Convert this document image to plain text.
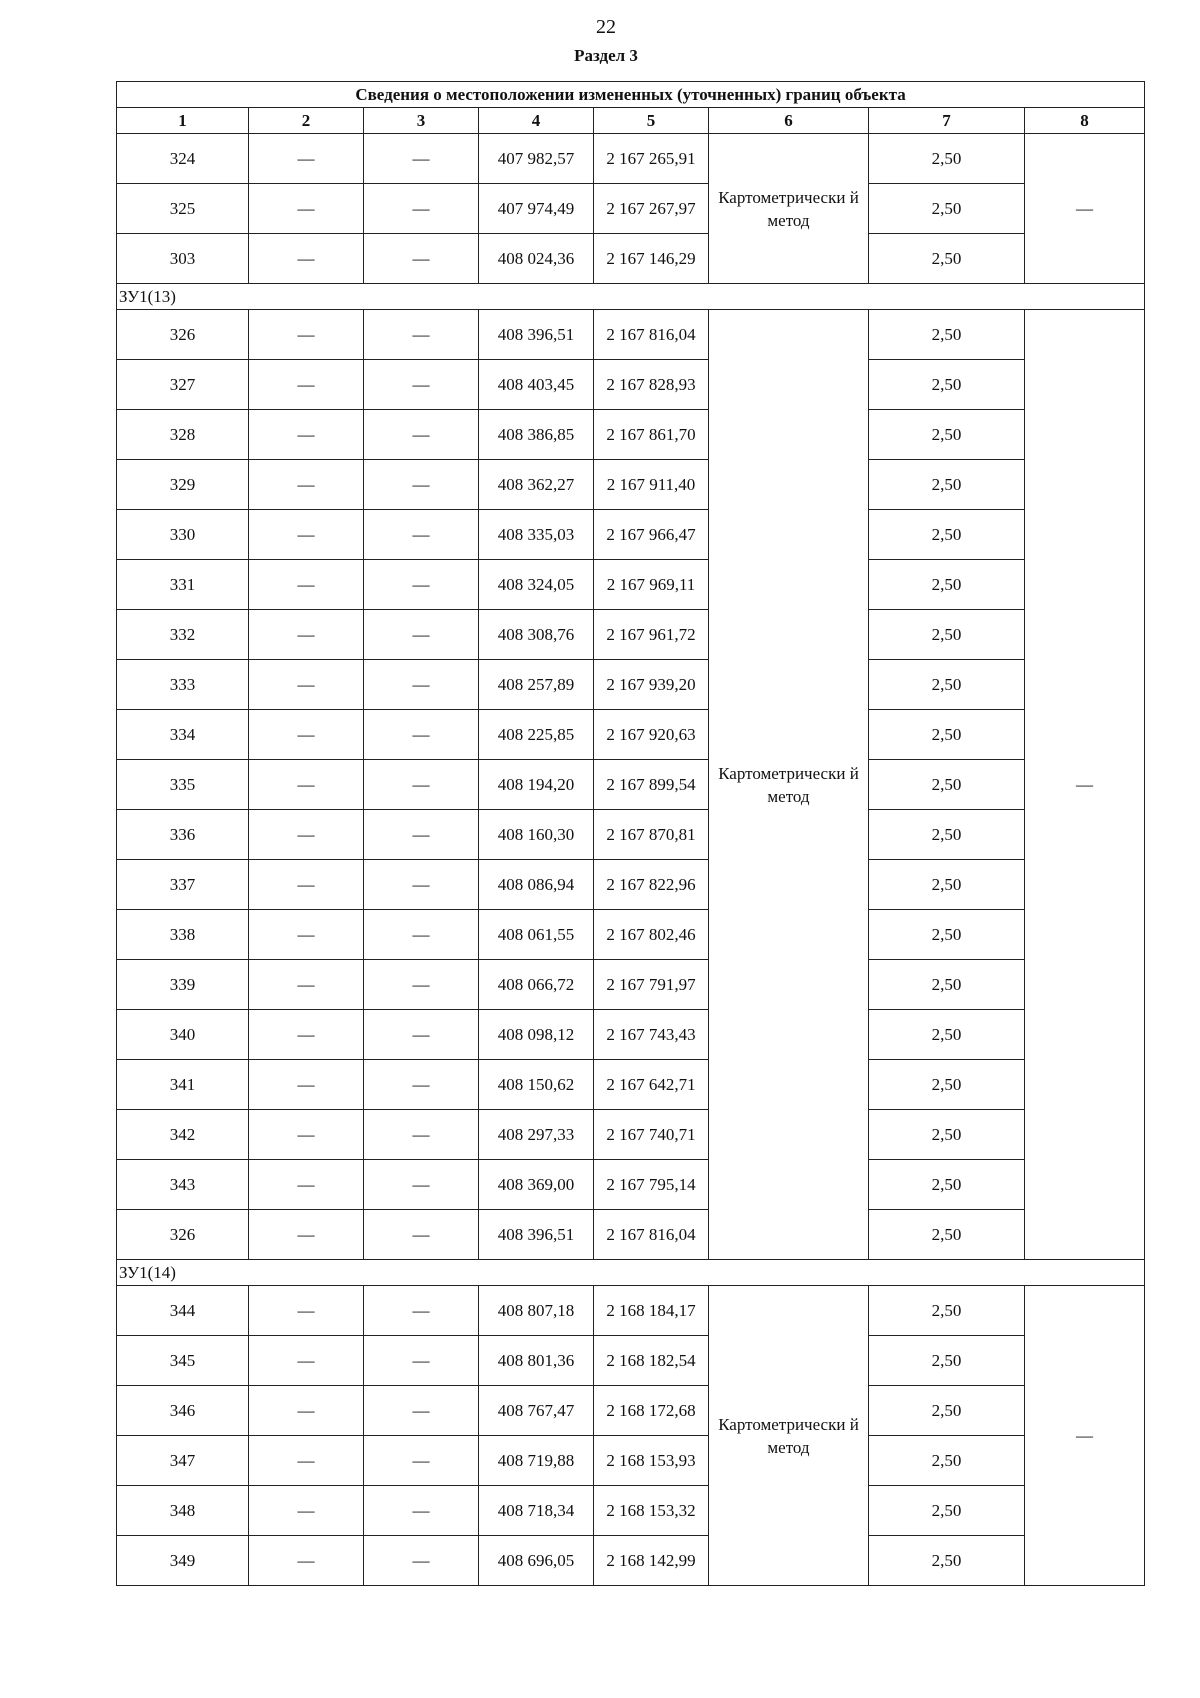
22
Раздел 3
Сведения о местоположении измененных (уточненных) границ объекта							
1	2	3	4	5	6	7	8
324	—	—	407 982,57	2 167 265,91	Картометрически й метод	2,50	—
325	—	—	407 974,49	2 167 267,97		2,50	
303	—	—	408 024,36	2 167 146,29		2,50	
ЗУ1(13)							
326	—	—	408 396,51	2 167 816,04	Картометрически й метод	2,50	—
327	—	—	408 403,45	2 167 828,93		2,50	
328	—	—	408 386,85	2 167 861,70		2,50	
329	—	—	408 362,27	2 167 911,40		2,50	
330	—	—	408 335,03	2 167 966,47		2,50	
331	—	—	408 324,05	2 167 969,11		2,50	
332	—	—	408 308,76	2 167 961,72		2,50	
333	—	—	408 257,89	2 167 939,20		2,50	
334	—	—	408 225,85	2 167 920,63		2,50	
335	—	—	408 194,20	2 167 899,54		2,50	
336	—	—	408 160,30	2 167 870,81		2,50	
337	—	—	408 086,94	2 167 822,96		2,50	
338	—	—	408 061,55	2 167 802,46		2,50	
339	—	—	408 066,72	2 167 791,97		2,50	
340	—	—	408 098,12	2 167 743,43		2,50	
341	—	—	408 150,62	2 167 642,71		2,50	
342	—	—	408 297,33	2 167 740,71		2,50	
343	—	—	408 369,00	2 167 795,14		2,50	
326	—	—	408 396,51	2 167 816,04		2,50	
ЗУ1(14)							
344	—	—	408 807,18	2 168 184,17	Картометрически й метод	2,50	—
345	—	—	408 801,36	2 168 182,54		2,50	
346	—	—	408 767,47	2 168 172,68		2,50	
347	—	—	408 719,88	2 168 153,93		2,50	
348	—	—	408 718,34	2 168 153,32		2,50	
349	—	—	408 696,05	2 168 142,99		2,50	
